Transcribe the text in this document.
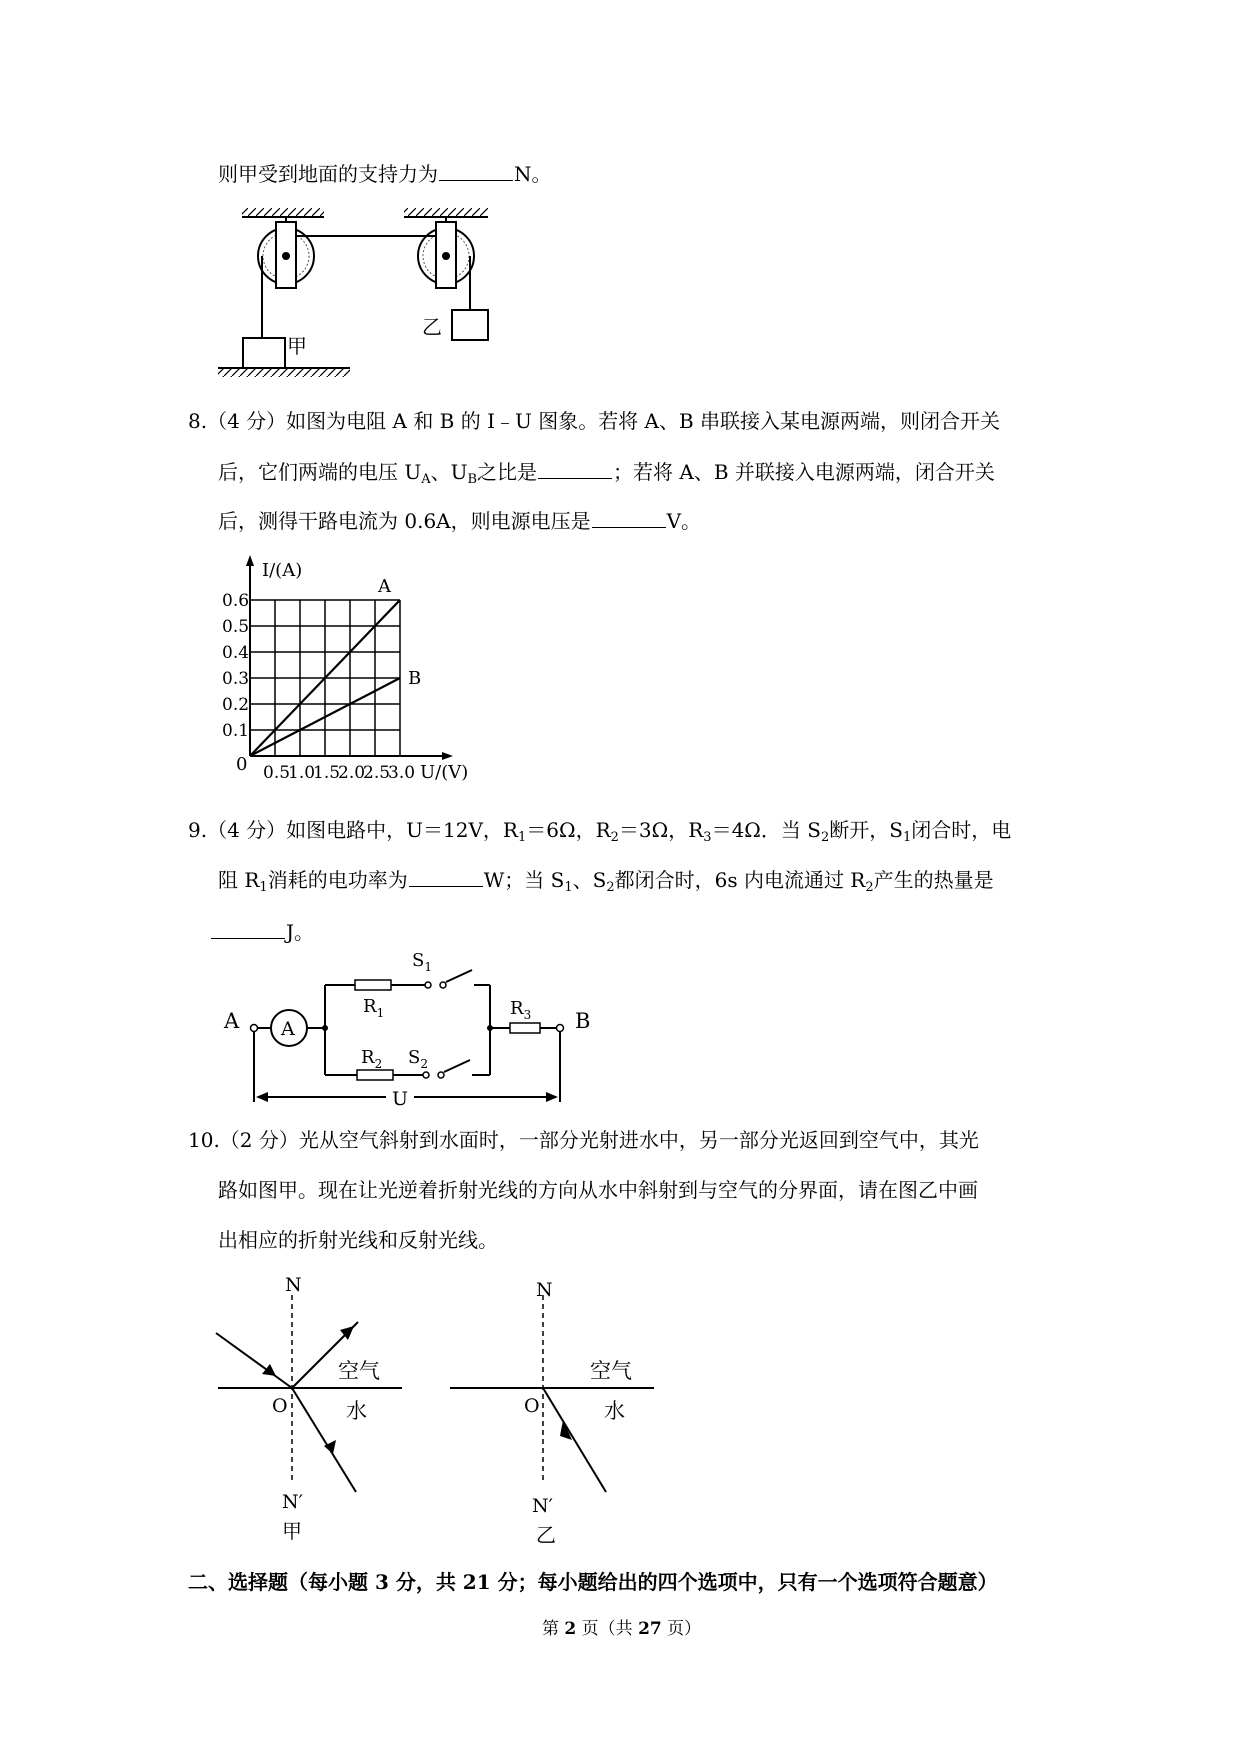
则甲受到地面的支持力为	N。
甲
乙
8.（4 分）如图为电阻 A 和 B 的 I﹣U 图象。若将 A、B 串联接入某电源两端，则闭合开关
后，它们两端的电压 $U_A$、$U_B$之比是	；若将 A、B 并联接入电源两端，闭合开关
后，测得干路电流为 0.6A，则电源电压是	V。
A
B
0.5
1.0
1.5
2.0
2.5
3.0
0.1
0.2
0.3
0.4
0.5
0.6
I/(A)
U/(V)
0
9.（4 分）如图电路中，U＝12V，$R_1=6\Omega$，$R_2=3\Omega$，$R_3=4\Omega$．当 $S_2$断开，$S_1$闭合时，电
阻 $R_1$消耗的电功率为	W；当 $S_1$、$S_2$都闭合时，6s 内电流通过 $R_2$产生的热量是
J。
A
A	B
U
$R_1$
$R_2$
$R_3$
$S_1$
$S_2$
10.（2 分）光从空气斜射到水面时，一部分光射进水中，另一部分光返回到空气中，其光
路如图甲。现在让光逆着折射光线的方向从水中斜射到与空气的分界面，请在图乙中画
出相应的折射光线和反射光线。
N
O
N′
空气
水
甲
N
O
N′
空气
水
乙
二、选择题（每小题 3 分，共 21 分；每小题给出的四个选项中，只有一个选项符合题意）
第 2 页（共 27 页）
